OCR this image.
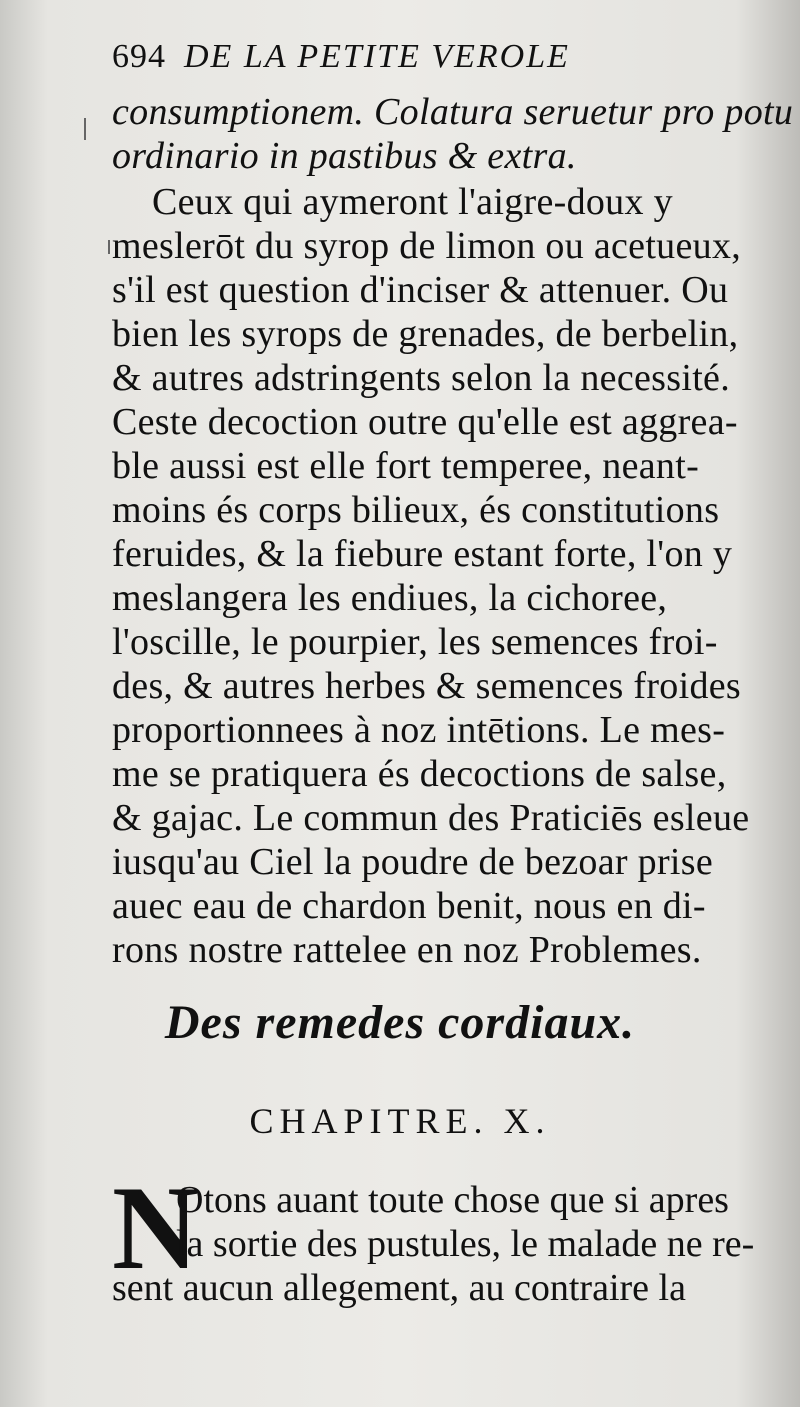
694 DE LA PETITE VEROLE
consumptionem. Colatura seruetur pro potu
ordinario in pastibus & extra.
Ceux qui aymeront l'aigre-doux y
meslerōt du syrop de limon ou acetueux,
s'il est question d'inciser & attenuer. Ou
bien les syrops de grenades, de berbelin,
& autres adstringents selon la necessité.
Ceste decoction outre qu'elle est aggrea-
ble aussi est elle fort temperee, neant-
moins és corps bilieux, és constitutions
feruides, & la fiebure estant forte, l'on y
meslangera les endiues, la cichoree,
l'oscille, le pourpier, les semences froi-
des, & autres herbes & semences froides
proportionnees à noz intētions. Le mes-
me se pratiquera és decoctions de salse,
& gajac. Le commun des Praticiēs esleue
iusqu'au Ciel la poudre de bezoar prise
auec eau de chardon benit, nous en di-
rons nostre rattelee en noz Problemes.
Des remedes cordiaux.
CHAPITRE. X.
N
Otons auant toute chose que si apres
la sortie des pustules, le malade ne re-
sent aucun allegement, au contraire la
